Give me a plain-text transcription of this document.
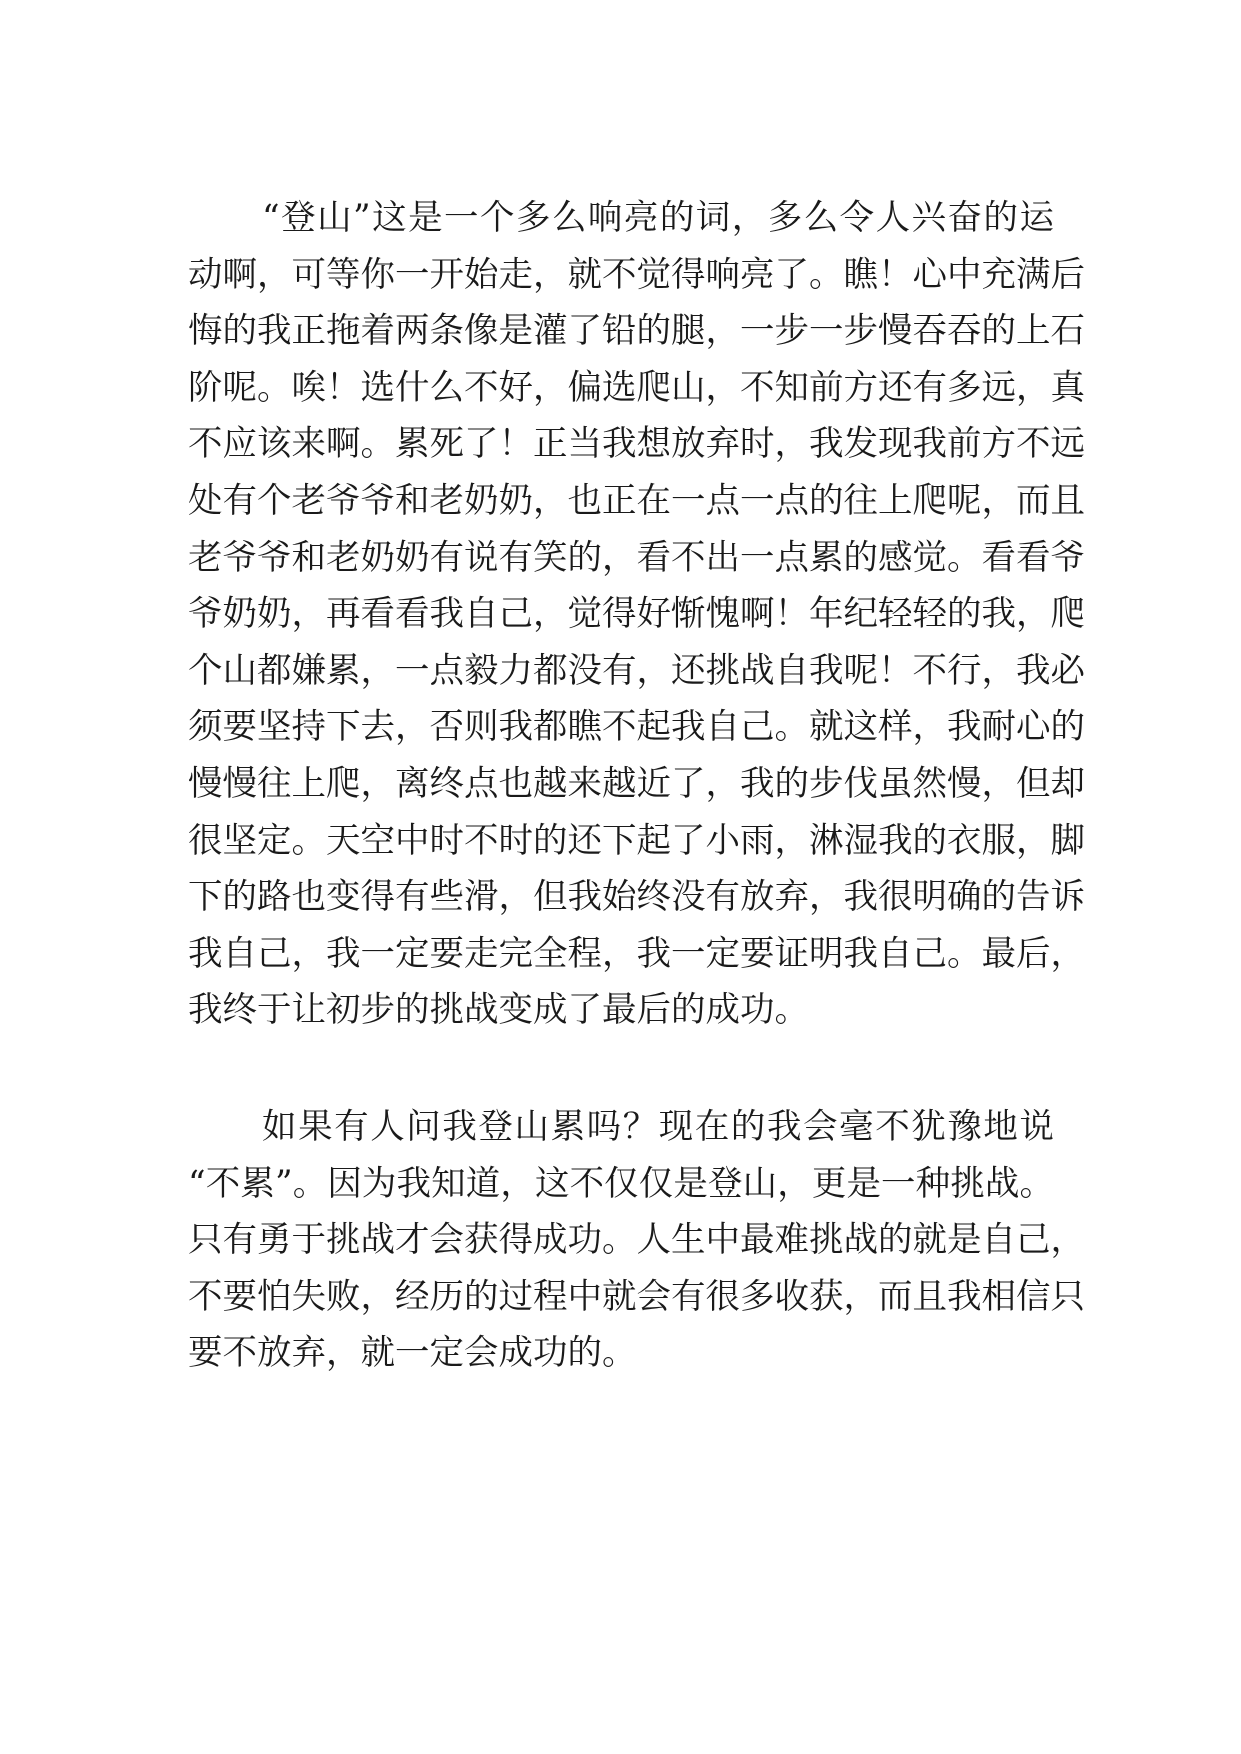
“登山”这是一个多么响亮的词，多么令人兴奋的运
动啊，可等你一开始走，就不觉得响亮了。瞧！心中充满后
悔的我正拖着两条像是灌了铅的腿，一步一步慢吞吞的上石
阶呢。唉！选什么不好，偏选爬山，不知前方还有多远，真
不应该来啊。累死了！正当我想放弃时，我发现我前方不远
处有个老爷爷和老奶奶，也正在一点一点的往上爬呢，而且
老爷爷和老奶奶有说有笑的，看不出一点累的感觉。看看爷
爷奶奶，再看看我自己，觉得好惭愧啊！年纪轻轻的我，爬
个山都嫌累，一点毅力都没有，还挑战自我呢！不行，我必
须要坚持下去，否则我都瞧不起我自己。就这样，我耐心的
慢慢往上爬，离终点也越来越近了，我的步伐虽然慢，但却
很坚定。天空中时不时的还下起了小雨，淋湿我的衣服，脚
下的路也变得有些滑，但我始终没有放弃，我很明确的告诉
我自己，我一定要走完全程，我一定要证明我自己。最后，
我终于让初步的挑战变成了最后的成功。
如果有人问我登山累吗？现在的我会毫不犹豫地说
“不累”。因为我知道，这不仅仅是登山，更是一种挑战。
只有勇于挑战才会获得成功。人生中最难挑战的就是自己，
不要怕失败，经历的过程中就会有很多收获，而且我相信只
要不放弃，就一定会成功的。
